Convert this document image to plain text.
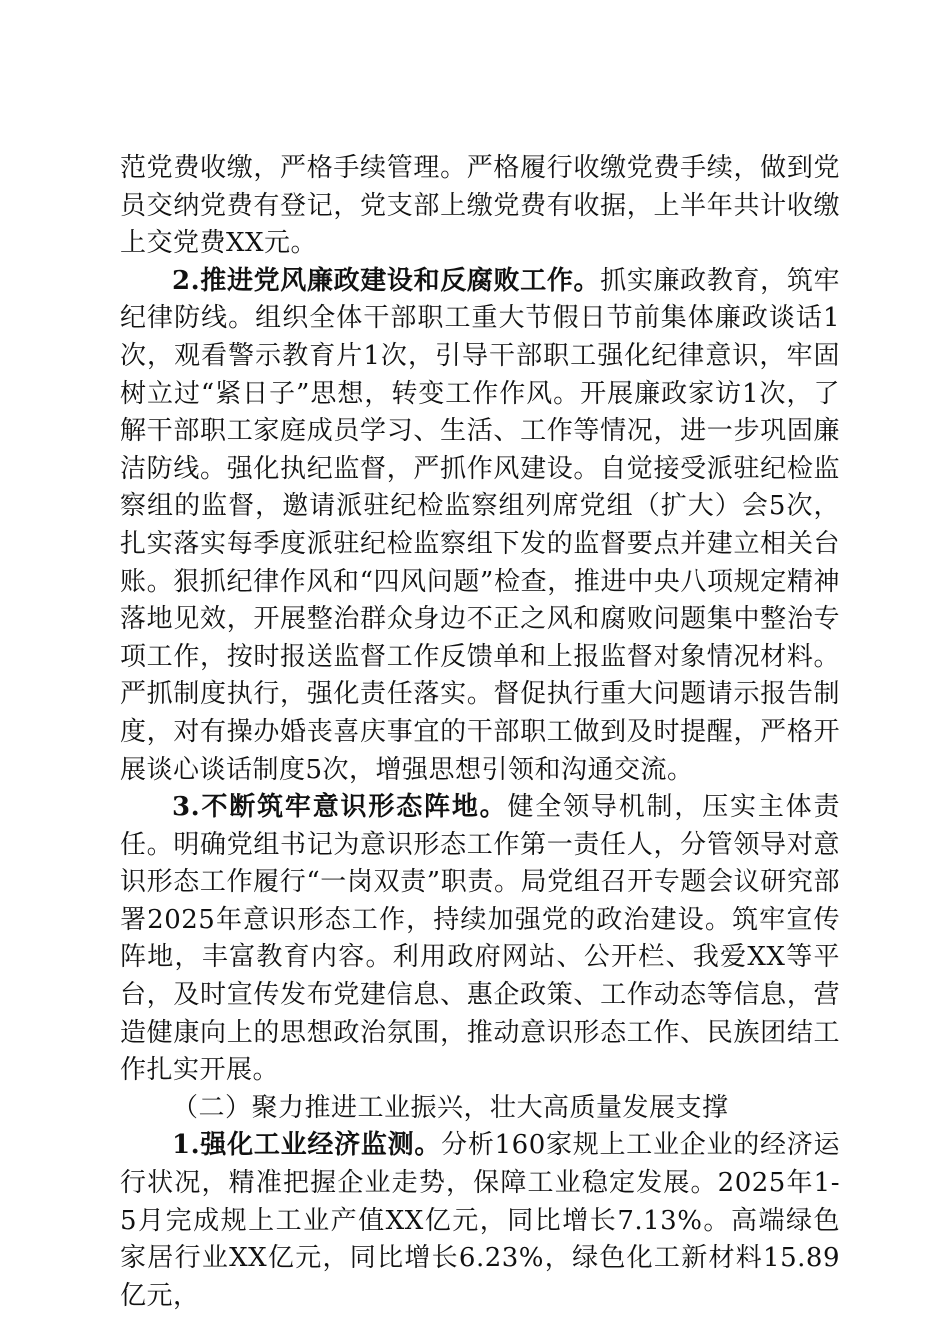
范党费收缴，严格手续管理。严格履行收缴党费手续，做到党员交纳党费有登记，党支部上缴党费有收据，上半年共计收缴上交党费XX元。

2.推进党风廉政建设和反腐败工作。抓实廉政教育，筑牢纪律防线。组织全体干部职工重大节假日节前集体廉政谈话1次，观看警示教育片1次，引导干部职工强化纪律意识，牢固树立过“紧日子”思想，转变工作作风。开展廉政家访1次，了解干部职工家庭成员学习、生活、工作等情况，进一步巩固廉洁防线。强化执纪监督，严抓作风建设。自觉接受派驻纪检监察组的监督，邀请派驻纪检监察组列席党组（扩大）会5次，扎实落实每季度派驻纪检监察组下发的监督要点并建立相关台账。狠抓纪律作风和“四风问题”检查，推进中央八项规定精神落地见效，开展整治群众身边不正之风和腐败问题集中整治专项工作，按时报送监督工作反馈单和上报监督对象情况材料。严抓制度执行，强化责任落实。督促执行重大问题请示报告制度，对有操办婚丧喜庆事宜的干部职工做到及时提醒，严格开展谈心谈话制度5次，增强思想引领和沟通交流。

3.不断筑牢意识形态阵地。健全领导机制，压实主体责任。明确党组书记为意识形态工作第一责任人，分管领导对意识形态工作履行“一岗双责”职责。局党组召开专题会议研究部署2025年意识形态工作，持续加强党的政治建设。筑牢宣传阵地，丰富教育内容。利用政府网站、公开栏、我爱XX等平台，及时宣传发布党建信息、惠企政策、工作动态等信息，营造健康向上的思想政治氛围，推动意识形态工作、民族团结工作扎实开展。

（二）聚力推进工业振兴，壮大高质量发展支撑

1.强化工业经济监测。分析160家规上工业企业的经济运行状况，精准把握企业走势，保障工业稳定发展。2025年1-5月完成规上工业产值XX亿元，同比增长7.13%。高端绿色家居行业XX亿元，同比增长6.23%，绿色化工新材料15.89亿元，
